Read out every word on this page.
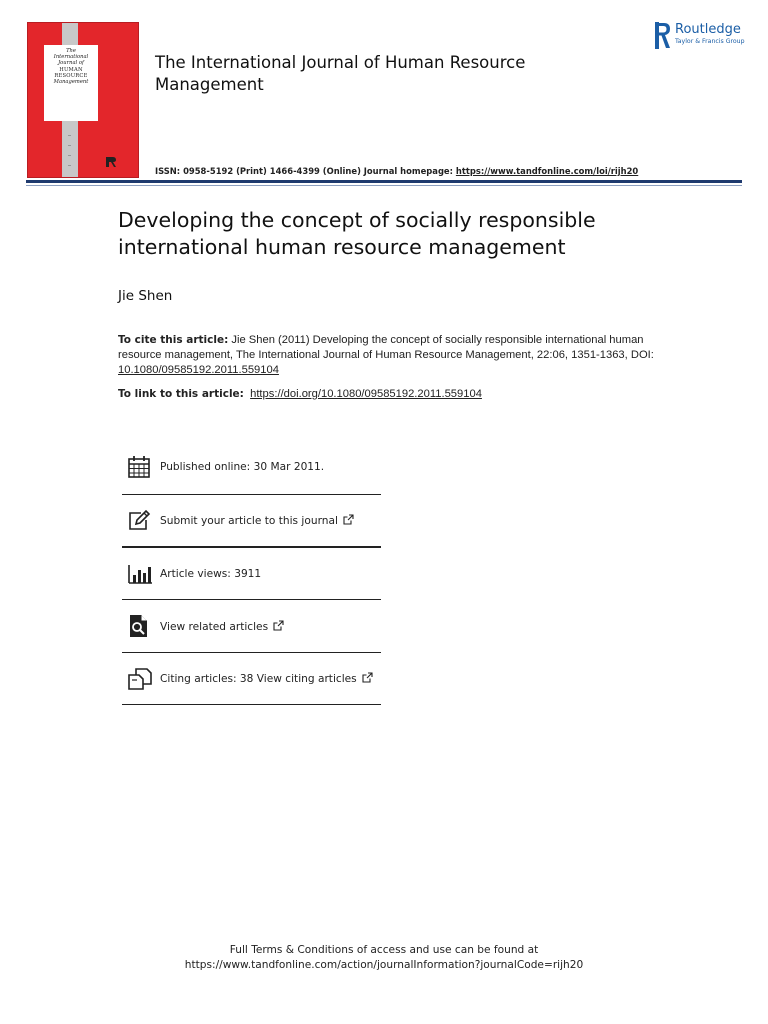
The
International
Journal of
HUMAN
RESOURCE
Management
The International Journal of Human Resource Management
ISSN: 0958-5192 (Print) 1466-4399 (Online) Journal homepage: https://www.tandfonline.com/loi/rijh20
Routledge
Taylor & Francis Group
Developing the concept of socially responsible international human resource management
Jie Shen
To cite this article: Jie Shen (2011) Developing the concept of socially responsible international human resource management, The International Journal of Human Resource Management, 22:06, 1351-1363, DOI: 10.1080/09585192.2011.559104
To link to this article: https://doi.org/10.1080/09585192.2011.559104
Published online: 30 Mar 2011.
Submit your article to this journal
Article views: 3911
View related articles
Citing articles: 38 View citing articles
Full Terms & Conditions of access and use can be found at
https://www.tandfonline.com/action/journalInformation?journalCode=rijh20
